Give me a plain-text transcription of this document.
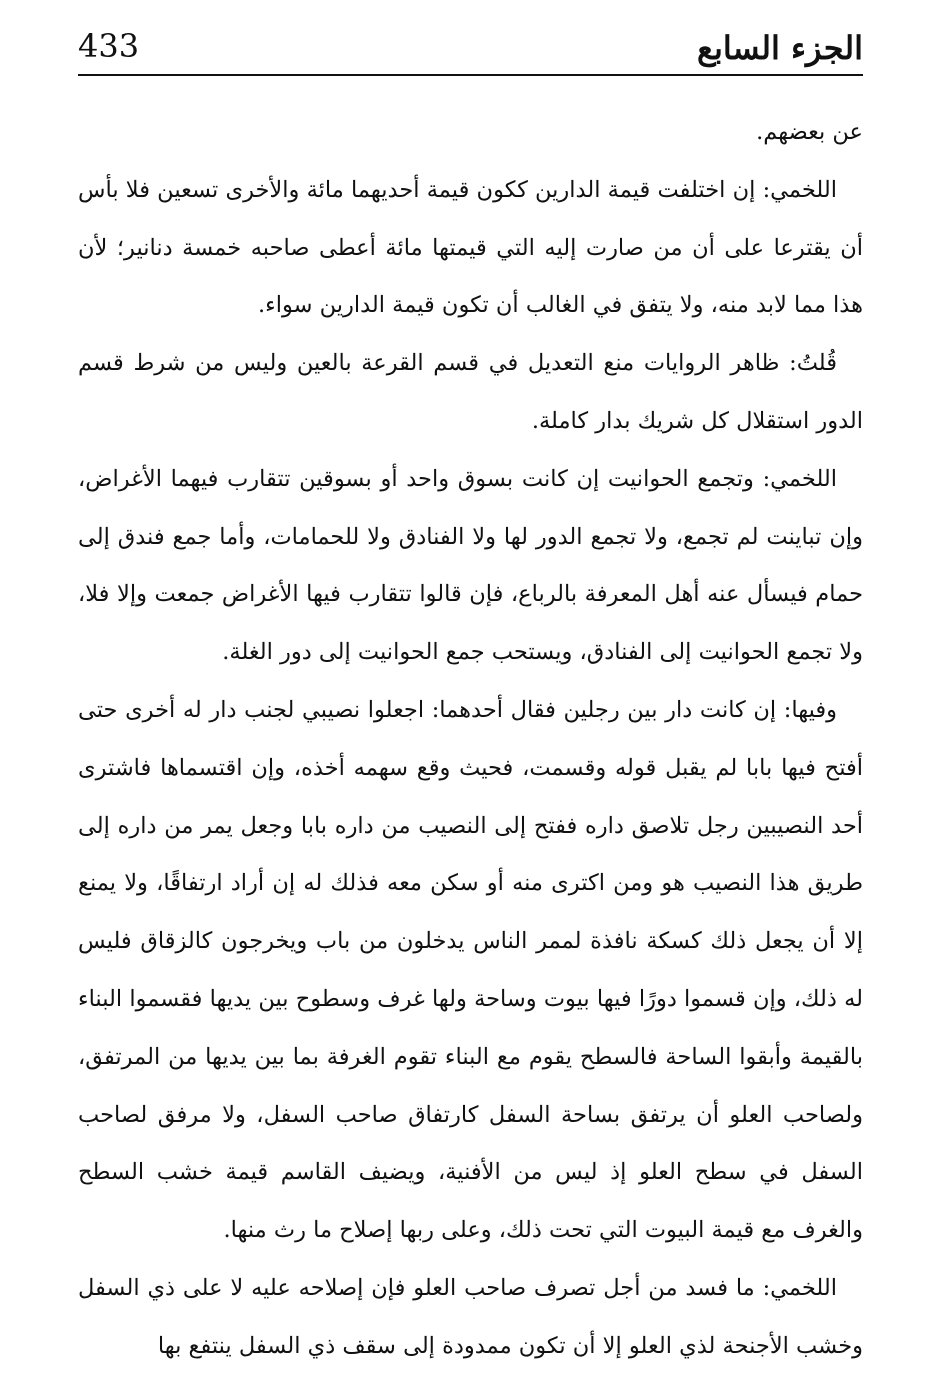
الجزء السابع
433

عن بعضهم.

اللخمي: إن اختلفت قيمة الدارين ككون قيمة أحديهما مائة والأخرى تسعين فلا بأس أن يقترعا على أن من صارت إليه التي قيمتها مائة أعطى صاحبه خمسة دنانير؛ لأن هذا مما لابد منه، ولا يتفق في الغالب أن تكون قيمة الدارين سواء.

قُلتُ: ظاهر الروايات منع التعديل في قسم القرعة بالعين وليس من شرط قسم الدور استقلال كل شريك بدار كاملة.

اللخمي: وتجمع الحوانيت إن كانت بسوق واحد أو بسوقين تتقارب فيهما الأغراض، وإن تباينت لم تجمع، ولا تجمع الدور لها ولا الفنادق ولا للحمامات، وأما جمع فندق إلى حمام فيسأل عنه أهل المعرفة بالرباع، فإن قالوا تتقارب فيها الأغراض جمعت وإلا فلا، ولا تجمع الحوانيت إلى الفنادق، ويستحب جمع الحوانيت إلى دور الغلة.

وفيها: إن كانت دار بين رجلين فقال أحدهما: اجعلوا نصيبي لجنب دار له أخرى حتى أفتح فيها بابا لم يقبل قوله وقسمت، فحيث وقع سهمه أخذه، وإن اقتسماها فاشترى أحد النصيبين رجل تلاصق داره ففتح إلى النصيب من داره بابا وجعل يمر من داره إلى طريق هذا النصيب هو ومن اكترى منه أو سكن معه فذلك له إن أراد ارتفاقًا، ولا يمنع إلا أن يجعل ذلك كسكة نافذة لممر الناس يدخلون من باب ويخرجون كالزقاق فليس له ذلك، وإن قسموا دورًا فيها بيوت وساحة ولها غرف وسطوح بين يديها فقسموا البناء بالقيمة وأبقوا الساحة فالسطح يقوم مع البناء تقوم الغرفة بما بين يديها من المرتفق، ولصاحب العلو أن يرتفق بساحة السفل كارتفاق صاحب السفل، ولا مرفق لصاحب السفل في سطح العلو إذ ليس من الأفنية، ويضيف القاسم قيمة خشب السطح والغرف مع قيمة البيوت التي تحت ذلك، وعلى ربها إصلاح ما رث منها.

اللخمي: ما فسد من أجل تصرف صاحب العلو فإن إصلاحه عليه لا على ذي السفل وخشب الأجنحة لذي العلو إلا أن تكون ممدودة إلى سقف ذي السفل ينتفع بها
